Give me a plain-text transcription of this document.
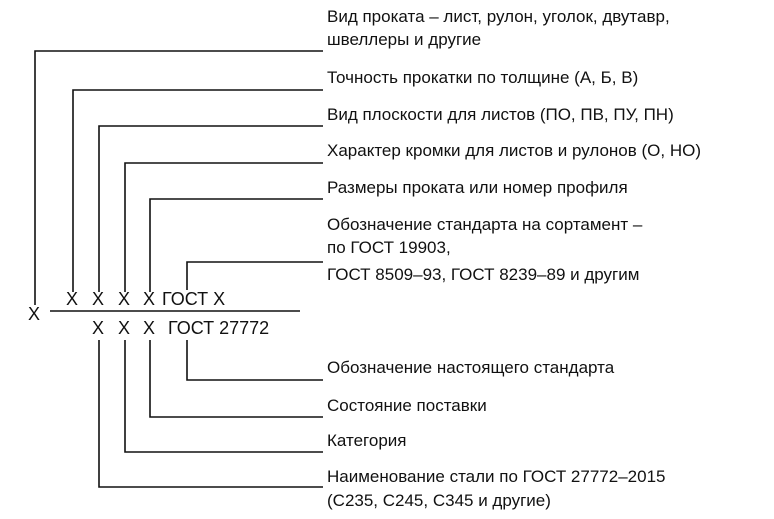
Х
Х Х Х Х ГОСТ Х
Х Х Х ГОСТ 27772
Вид проката – лист, рулон, уголок, двутавр,
швеллеры и другие
Точность прокатки по толщине (А, Б, В)
Вид плоскости для листов (ПО, ПВ, ПУ, ПН)
Характер кромки для листов и рулонов (О, НО)
Размеры проката или номер профиля
Обозначение стандарта на сортамент –
по ГОСТ 19903,
ГОСТ 8509–93, ГОСТ 8239–89 и другим
Обозначение настоящего стандарта
Состояние поставки
Категория
Наименование стали по ГОСТ 27772–2015
(С235, С245, С345 и другие)
